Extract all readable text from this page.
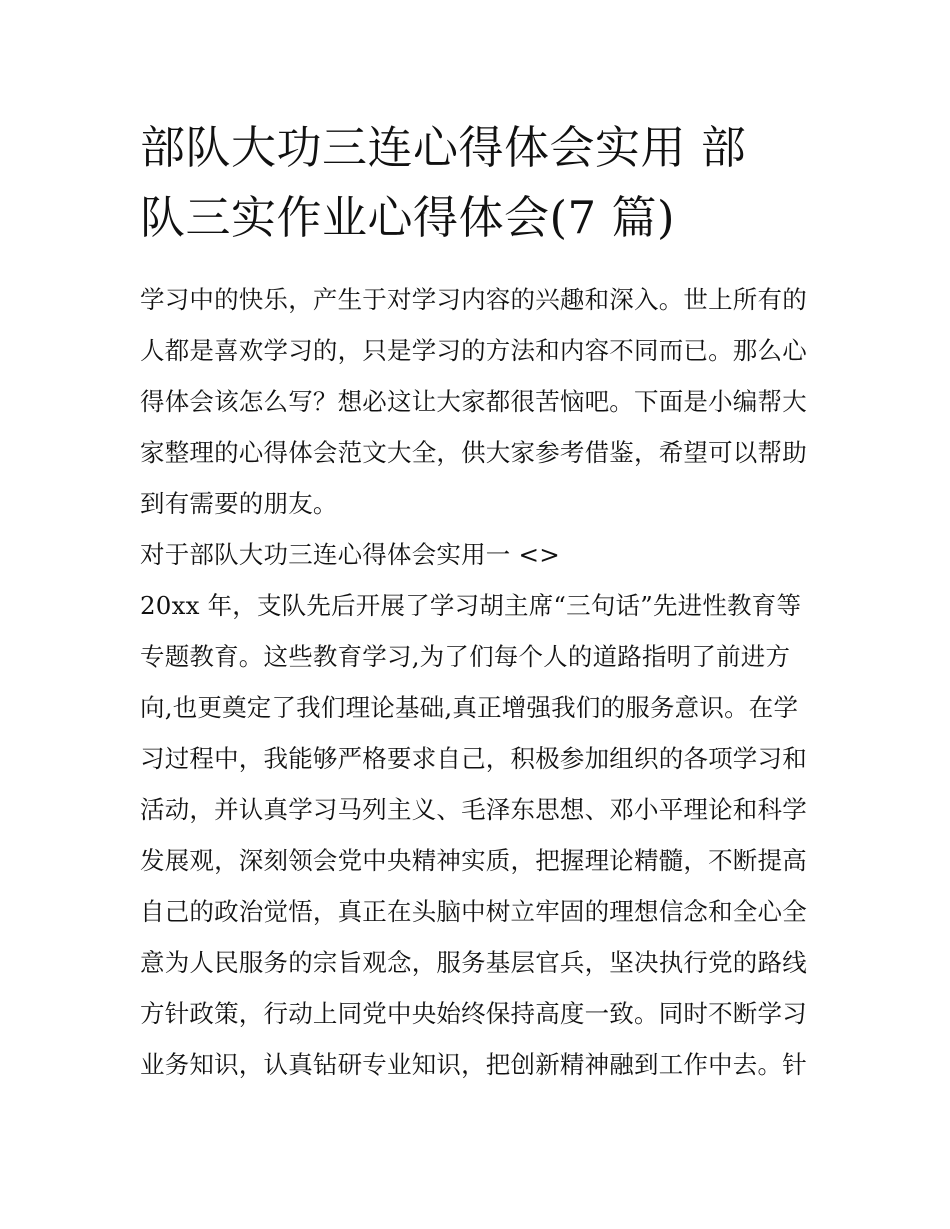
部队大功三连心得体会实用 部
队三实作业心得体会(7 篇)

学习中的快乐，产生于对学习内容的兴趣和深入。世上所有的

人都是喜欢学习的，只是学习的方法和内容不同而已。那么心

得体会该怎么写？想必这让大家都很苦恼吧。下面是小编帮大

家整理的心得体会范文大全，供大家参考借鉴，希望可以帮助

到有需要的朋友。

对于部队大功三连心得体会实用一 <>

20xx 年，支队先后开展了学习胡主席“三句话”先进性教育等

专题教育。这些教育学习,为了们每个人的道路指明了前进方

向,也更奠定了我们理论基础,真正增强我们的服务意识。在学

习过程中，我能够严格要求自己，积极参加组织的各项学习和

活动，并认真学习马列主义、毛泽东思想、邓小平理论和科学

发展观，深刻领会党中央精神实质，把握理论精髓，不断提高

自己的政治觉悟，真正在头脑中树立牢固的理想信念和全心全

意为人民服务的宗旨观念，服务基层官兵，坚决执行党的路线

方针政策，行动上同党中央始终保持高度一致。同时不断学习

业务知识，认真钻研专业知识，把创新精神融到工作中去。针
